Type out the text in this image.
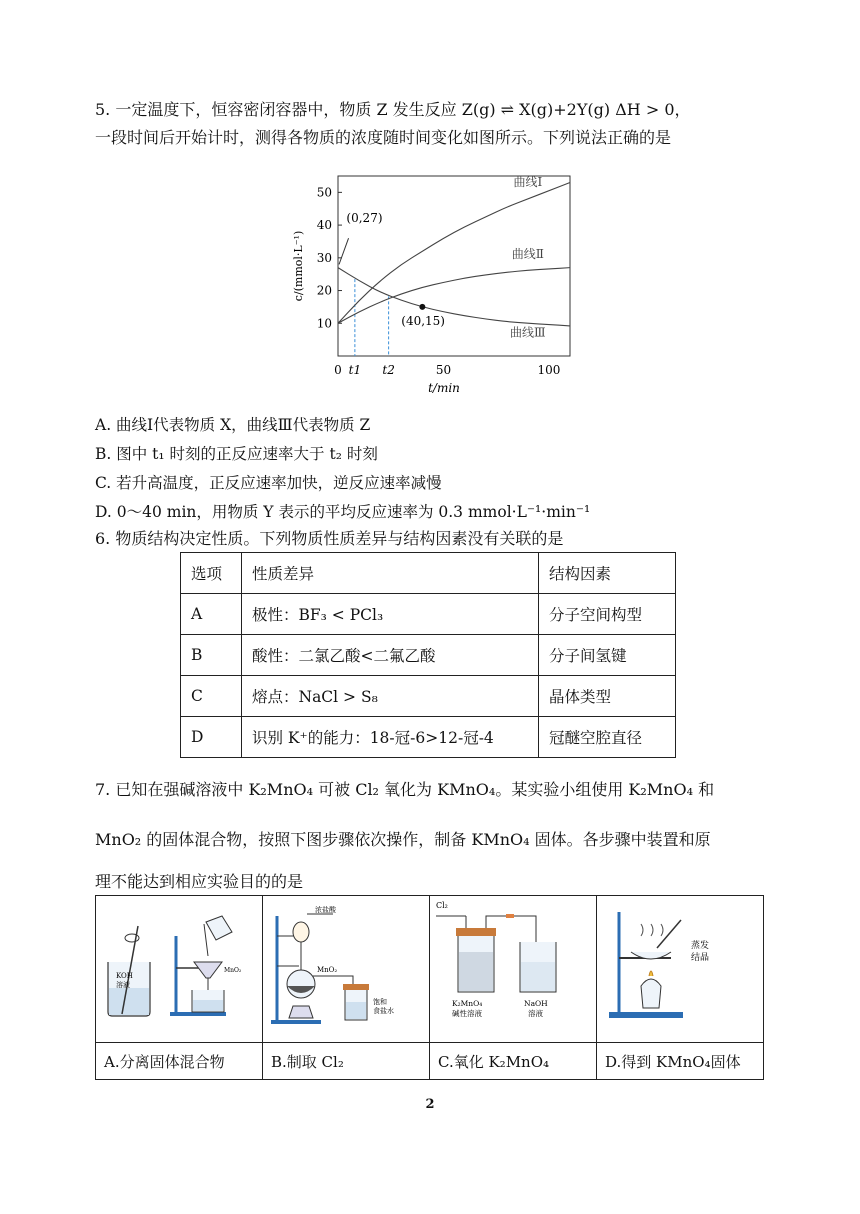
5. 一定温度下，恒容密闭容器中，物质 Z 发生反应 Z(g) ⇌ X(g)+2Y(g) ΔH > 0，
一段时间后开始计时，测得各物质的浓度随时间变化如图所示。下列说法正确的是
10
20
30
40
50
0 t1 t2	50	100
曲线Ⅰ
曲线Ⅱ
曲线Ⅲ
(0,27)
(40,15)
c/(mmol·L⁻¹)
t/min
A. 曲线Ⅰ代表物质 X，曲线Ⅲ代表物质 Z
B. 图中 t₁ 时刻的正反应速率大于 t₂ 时刻
C. 若升高温度，正反应速率加快，逆反应速率减慢
D. 0～40 min，用物质 Y 表示的平均反应速率为 0.3 mmol·L⁻¹·min⁻¹
6. 物质结构决定性质。下列物质性质差异与结构因素没有关联的是
选项	性质差异	结构因素
A	极性：BF₃ < PCl₃	分子空间构型
B	酸性：二氯乙酸<二氟乙酸	分子间氢键
C	熔点：NaCl > S₈	晶体类型
D	识别 K⁺的能力：18-冠-6>12-冠-4	冠醚空腔直径
7. 已知在强碱溶液中 K₂MnO₄ 可被 Cl₂ 氧化为 KMnO₄。某实验小组使用 K₂MnO₄ 和
MnO₂ 的固体混合物，按照下图步骤依次操作，制备 KMnO₄ 固体。各步骤中装置和原
理不能达到相应实验目的的是
KOH
溶液
MnO₂	浓盐酸
MnO₂
饱和
食盐水	Cl₂
K₂MnO₄
碱性溶液
NaOH
溶液	蒸发
结晶

A.分离固体混合物	B.制取 Cl₂	C.氧化 K₂MnO₄	D.得到 KMnO₄固体
2
